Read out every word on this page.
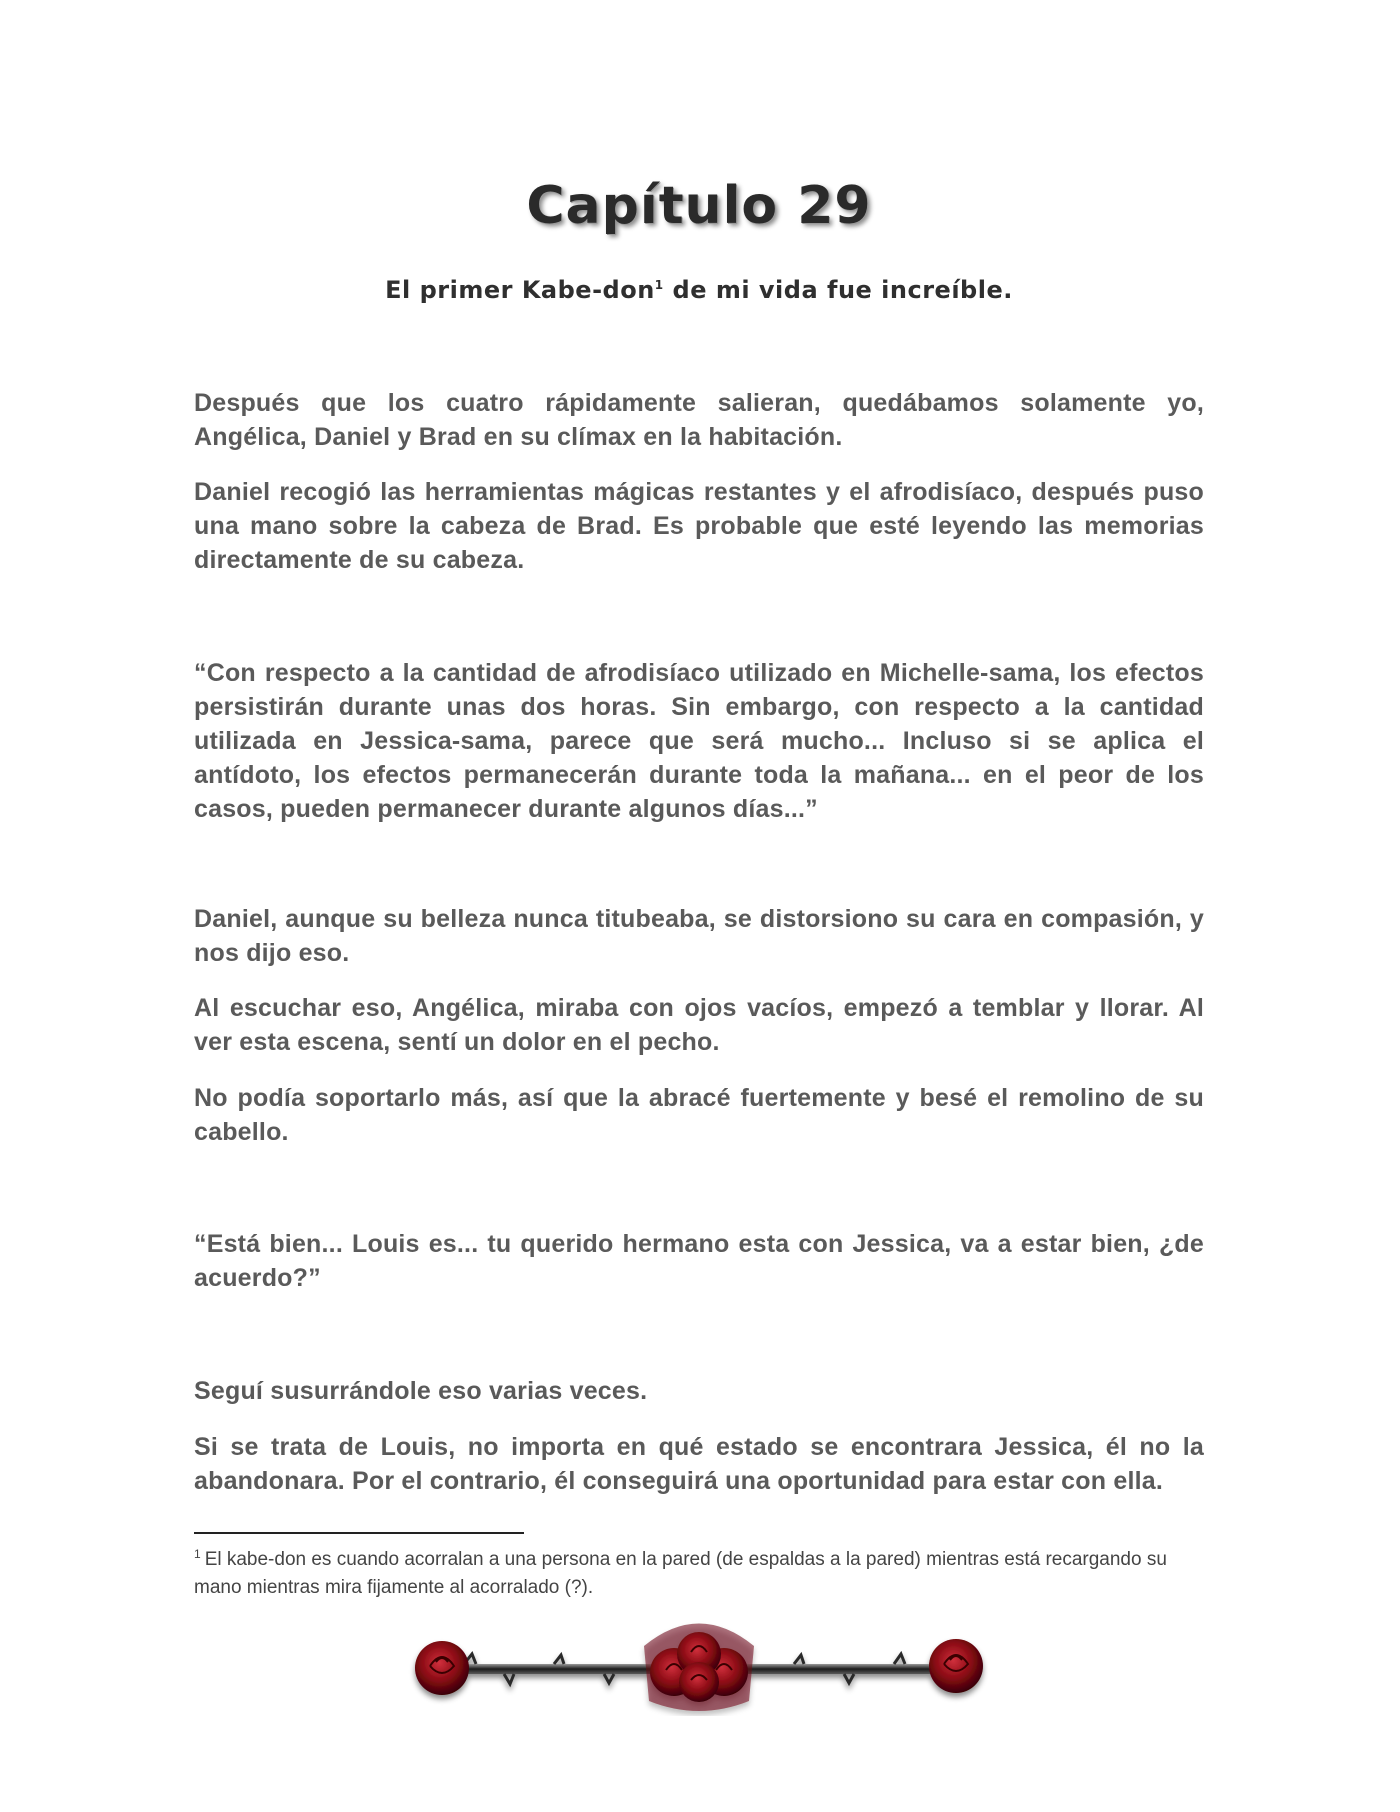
Capítulo 29
El primer Kabe-don$^1$ de mi vida fue increíble.

Después que los cuatro rápidamente salieran, quedábamos solamente yo, Angélica, Daniel y Brad en su clímax en la habitación.

Daniel recogió las herramientas mágicas restantes y el afrodisíaco, después puso una mano sobre la cabeza de Brad. Es probable que esté leyendo las memorias directamente de su cabeza.

“Con respecto a la cantidad de afrodisíaco utilizado en Michelle-sama, los efectos persistirán durante unas dos horas. Sin embargo, con respecto a la cantidad utilizada en Jessica-sama, parece que será mucho... Incluso si se aplica el antídoto, los efectos permanecerán durante toda la mañana... en el peor de los casos, pueden permanecer durante algunos días...”

Daniel, aunque su belleza nunca titubeaba, se distorsiono su cara en compasión, y nos dijo eso.

Al escuchar eso, Angélica, miraba con ojos vacíos, empezó a temblar y llorar. Al ver esta escena, sentí un dolor en el pecho.

No podía soportarlo más, así que la abracé fuertemente y besé el remolino de su cabello.

“Está bien... Louis es... tu querido hermano esta con Jessica, va a estar bien, ¿de acuerdo?”

Seguí susurrándole eso varias veces.

Si se trata de Louis, no importa en qué estado se encontrara Jessica, él no la abandonara. Por el contrario, él conseguirá una oportunidad para estar con ella.

$^1$ El kabe-don es cuando acorralan a una persona en la pared (de espaldas a la pared) mientras está recargando su mano mientras mira fijamente al acorralado (?).
